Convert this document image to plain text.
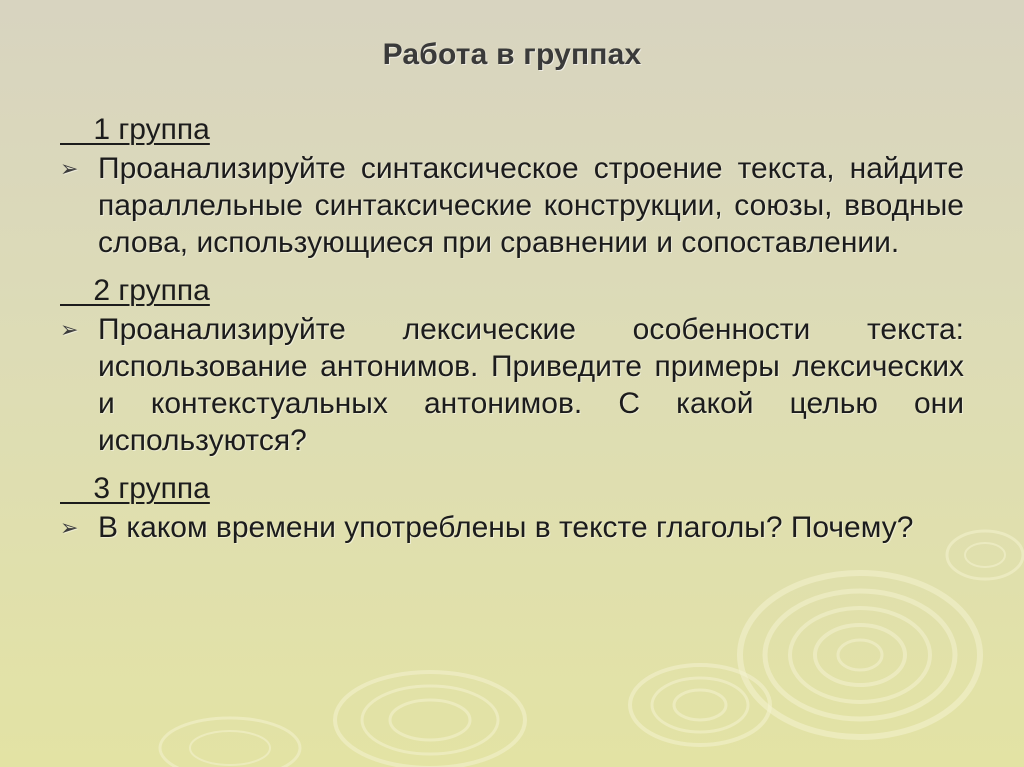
Работа в группах
1 группа
➢ Проанализируйте синтаксическое строение текста, найдите параллельные синтаксические конструкции, союзы, вводные слова, использующиеся при сравнении и сопоставлении.
2 группа
➢ Проанализируйте лексические особенности текста: использование антонимов. Приведите примеры лексических и контекстуальных антонимов. С какой целью они используются?
3 группа
➢ В каком времени употреблены в тексте глаголы? Почему?
